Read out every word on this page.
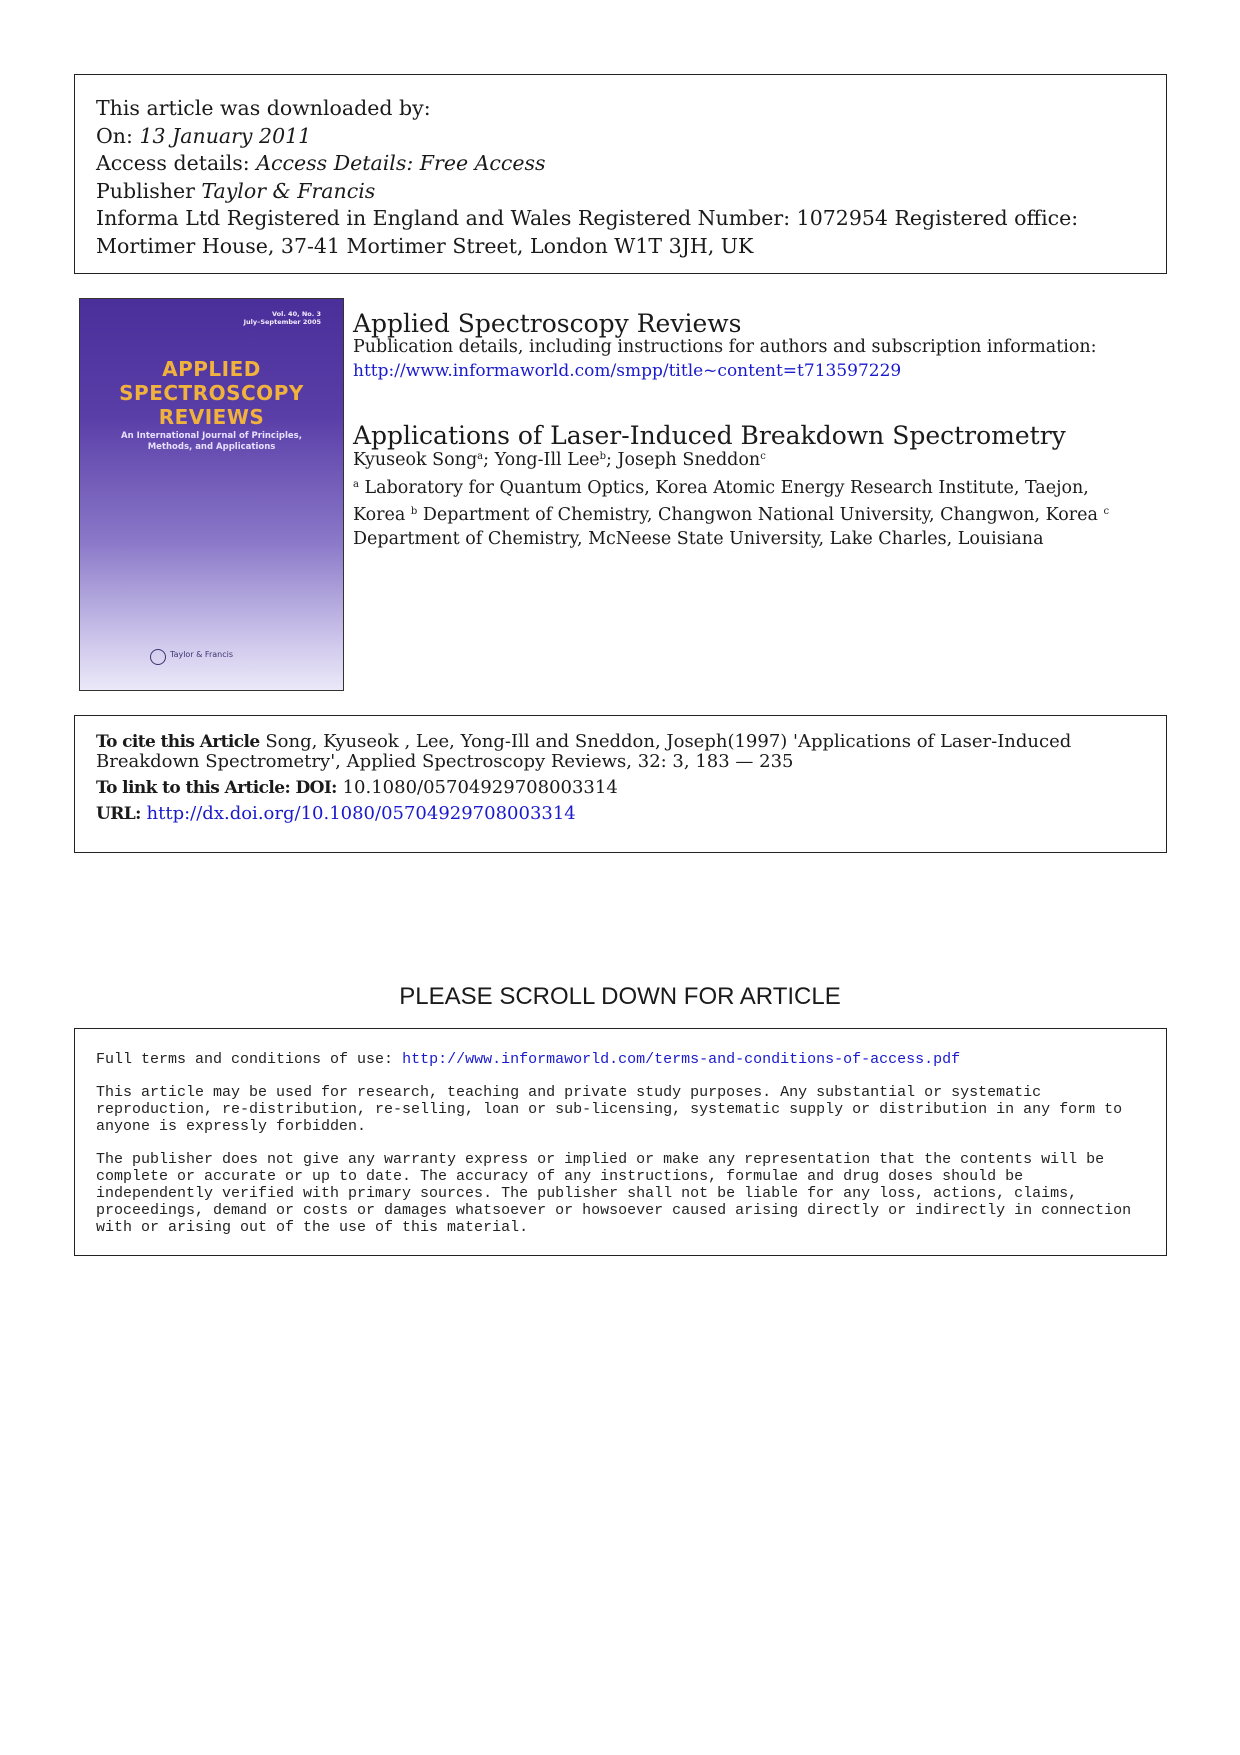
This article was downloaded by:
On: 13 January 2011
Access details: Access Details: Free Access
Publisher Taylor & Francis
Informa Ltd Registered in England and Wales Registered Number: 1072954 Registered office: Mortimer House, 37-41 Mortimer Street, London W1T 3JH, UK
Vol. 40, No. 3
July–September 2005
APPLIED
SPECTROSCOPY
REVIEWS
An International Journal of Principles, Methods, and Applications
Taylor & Francis
Applied Spectroscopy Reviews
Publication details, including instructions for authors and subscription information:
http://www.informaworld.com/smpp/title~content=t713597229
Applications of Laser-Induced Breakdown Spectrometry
Kyuseok Song$^a$; Yong-Ill Lee$^b$; Joseph Sneddon$^c$
$^a$ Laboratory for Quantum Optics, Korea Atomic Energy Research Institute, Taejon, Korea $^b$ Department of Chemistry, Changwon National University, Changwon, Korea $^c$ Department of Chemistry, McNeese State University, Lake Charles, Louisiana
To cite this Article Song, Kyuseok , Lee, Yong-Ill and Sneddon, Joseph(1997) 'Applications of Laser-Induced Breakdown Spectrometry', Applied Spectroscopy Reviews, 32: 3, 183 — 235
To link to this Article: DOI: 10.1080/05704929708003314
URL: http://dx.doi.org/10.1080/05704929708003314
PLEASE SCROLL DOWN FOR ARTICLE

Full terms and conditions of use: http://www.informaworld.com/terms-and-conditions-of-access.pdf

This article may be used for research, teaching and private study purposes. Any substantial or systematic reproduction, re-distribution, re-selling, loan or sub-licensing, systematic supply or distribution in any form to anyone is expressly forbidden.

The publisher does not give any warranty express or implied or make any representation that the contents will be complete or accurate or up to date. The accuracy of any instructions, formulae and drug doses should be independently verified with primary sources. The publisher shall not be liable for any loss, actions, claims, proceedings, demand or costs or damages whatsoever or howsoever caused arising directly or indirectly in connection with or arising out of the use of this material.
